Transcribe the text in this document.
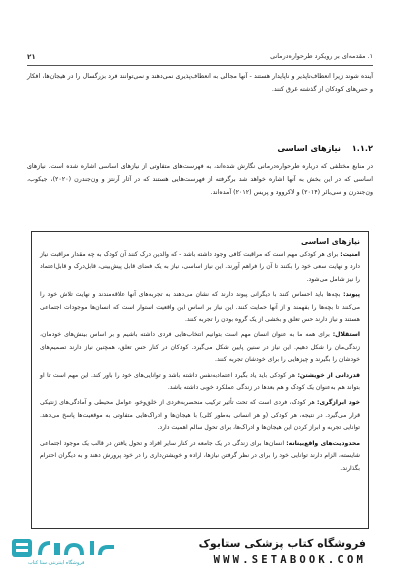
۱. مقدمه‌ای بر رویکرد طرحواره‌درمانی
۲۱
آینده شوند زیرا انعطاف‌ناپذیر و ناپایدار هستند - آنها مجالی به انعطاف‌پذیری نمی‌دهند و نمی‌توانند فرد بزرگسال را در هیجان‌ها، افکار و حس‌های کودکان از گذشته غرق کنند.
۱.۱.۲ نیازهای اساسی
در منابع مختلفی که درباره طرحواره‌درمانی نگارش شده‌اند، به فهرست‌های متفاوتی از نیازهای اساسی اشاره شده است. نیازهای اساسی که در این بخش به آنها اشاره خواهد شد برگرفته از فهرست‌هایی هستند که در آثار آرنتز و ون‌جندرن (۲۰۲۰)، جیکوب، ون‌جندرن و سی‌بائر (۲۰۱۴) و لاکروود و پریس (۲۰۱۲) آمده‌اند.
نیازهای اساسی
امنیت: برای هر کودکی مهم است که مراقبت کافی وجود داشته باشد - که والدین درک کنند آن کودک به چه مقدار مراقبت نیاز دارد و نهایت سعی خود را بکنند تا آن را فراهم آورند. این نیاز اساسی، نیاز به یک فضای قابل پیش‌بینی، قابل‌درک و قابل‌اعتماد را نیز شامل می‌شود.
پیوند: بچه‌ها باید احساس کنند با دیگرانی پیوند دارند که نشان می‌دهند به تجربه‌های آنها علاقه‌مندند و نهایت تلاش خود را می‌کنند تا بچه‌ها را بفهمند و از آنها حمایت کنند. این نیاز بر اساس این واقعیت استوار است که انسان‌ها موجودات اجتماعی هستند و نیاز دارند حس تعلق و بخشی از یک گروه بودن را تجربه کنند.
استقلال: برای همه ما به عنوان انسان مهم است بتوانیم انتخاب‌هایی فردی داشته باشیم و بر اساس بینش‌های خودمان، زندگی‌مان را شکل دهیم. این نیاز در سنین پایین شکل می‌گیرد. کودکان در کنار حس تعلق، همچنین نیاز دارند تصمیم‌های خودشان را بگیرند و چیزهایی را برای خودشان تجربه کنند.
قدردانی از خویشتن: هر کودکی باید یاد بگیرد اعتمادبه‌نفس داشته باشد و توانایی‌های خود را باور کند. این مهم است تا او بتواند هم به‌عنوان یک کودک و هم بعدها در زندگی عملکرد خوبی داشته باشد.
خود ابرازگری: هر کودک، فردی است که تحت تأثیر ترکیب منحصربه‌فردی از خلق‌وخو، عوامل محیطی و آمادگی‌های ژنتیکی قرار می‌گیرد. در نتیجه، هر کودکی (و هر انسانی به‌طور کلی) با هیجان‌ها و ادراک‌هایی متفاوتی به موقعیت‌ها پاسخ می‌دهد. توانایی تجربه و ابراز کردن این هیجان‌ها و ادراک‌ها، برای تحول سالم اهمیت دارد.
محدودیت‌های واقع‌بینانه: انسان‌ها برای زندگی در یک جامعه در کنار سایر افراد و تحول یافتن در قالب یک موجود اجتماعی شایسته، الزام دارند توانایی خود را برای در نظر گرفتن نیازها، اراده و خویشتن‌داری را در خود پرورش دهند و به دیگران احترام بگذارند.
فروشگاه اینترنتی ستا کتاب
فروشگاه کتاب پزشکی ستابوک
WWW.SETABOOK.COM
